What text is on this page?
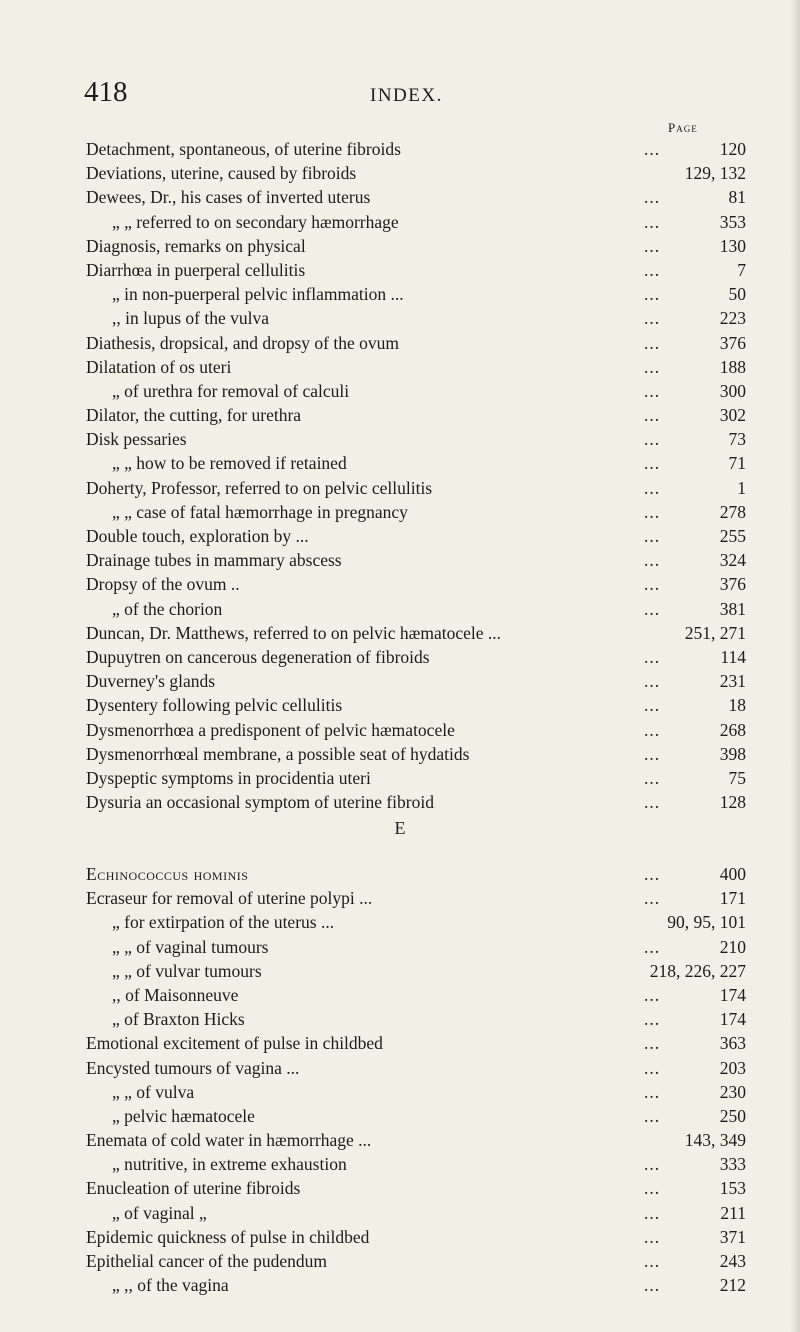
418	INDEX.
Page
Detachment, spontaneous, of uterine fibroids	...	120
Deviations, uterine, caused by fibroids	129, 132
Dewees, Dr., his cases of inverted uterus	...	81
„ „ referred to on secondary hæmorrhage	...	353
Diagnosis, remarks on physical	...	130
Diarrhœa in puerperal cellulitis	...	7
„ in non-puerperal pelvic inflammation ...	...	50
,, in lupus of the vulva	...	223
Diathesis, dropsical, and dropsy of the ovum	...	376
Dilatation of os uteri	...	188
„ of urethra for removal of calculi	...	300
Dilator, the cutting, for urethra	...	302
Disk pessaries	...	73
„ „ how to be removed if retained	...	71
Doherty, Professor, referred to on pelvic cellulitis	...	1
„ „ case of fatal hæmorrhage in pregnancy	...	278
Double touch, exploration by ...	...	255
Drainage tubes in mammary abscess	...	324
Dropsy of the ovum ..	...	376
„ of the chorion	...	381
Duncan, Dr. Matthews, referred to on pelvic hæmatocele ...	251, 271
Dupuytren on cancerous degeneration of fibroids	...	114
Duverney's glands	...	231
Dysentery following pelvic cellulitis	...	18
Dysmenorrhœa a predisponent of pelvic hæmatocele	...	268
Dysmenorrhœal membrane, a possible seat of hydatids	...	398
Dyspeptic symptoms in procidentia uteri	...	75
Dysuria an occasional symptom of uterine fibroid	...	128
E
Echinococcus hominis	...	400
Ecraseur for removal of uterine polypi ...	...	171
„ for extirpation of the uterus ...	90, 95, 101
„ „ of vaginal tumours	...	210
„ „ of vulvar tumours	218, 226, 227
,, of Maisonneuve	...	174
„ of Braxton Hicks	...	174
Emotional excitement of pulse in childbed	...	363
Encysted tumours of vagina ...	...	203
„ „ of vulva	...	230
„ pelvic hæmatocele	...	250
Enemata of cold water in hæmorrhage ...	143, 349
„ nutritive, in extreme exhaustion	...	333
Enucleation of uterine fibroids	...	153
„ of vaginal „	...	211
Epidemic quickness of pulse in childbed	...	371
Epithelial cancer of the pudendum	...	243
„ ,, of the vagina	...	212
